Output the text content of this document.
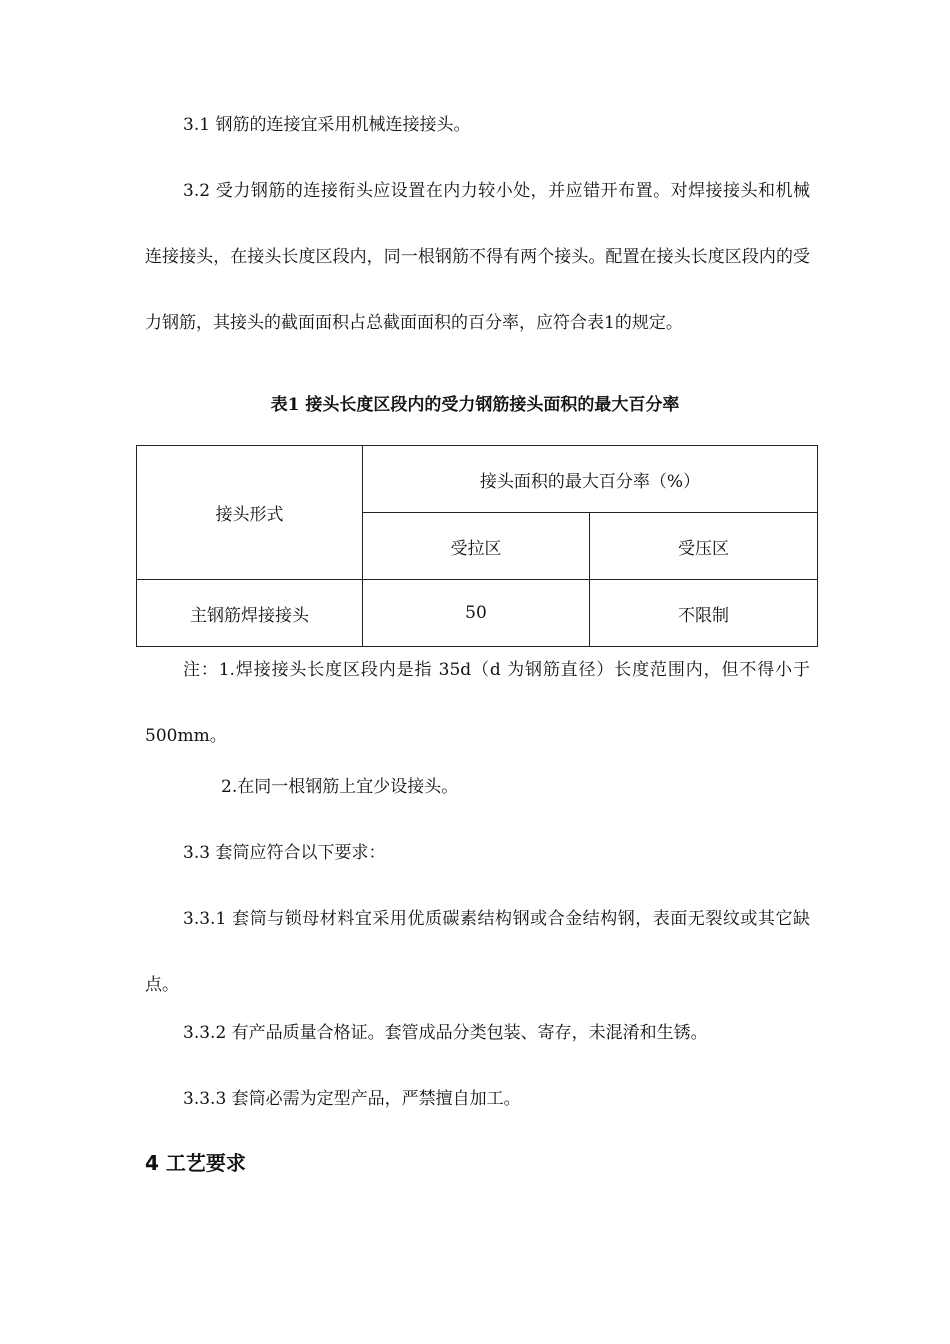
3.1 钢筋的连接宜采用机械连接接头。

3.2 受力钢筋的连接衔头应设置在内力较小处，并应错开布置。对焊接接头和机械连接接头，在接头长度区段内，同一根钢筋不得有两个接头。配置在接头长度区段内的受力钢筋，其接头的截面面积占总截面面积的百分率，应符合表1的规定。

表1 接头长度区段内的受力钢筋接头面积的最大百分率
接头形式	接头面积的最大百分率（%）	
	受拉区	受压区
主钢筋焊接接头	50	不限制

注：1.焊接接头长度区段内是指 35d（d 为钢筋直径）长度范围内，但不得小于 500mm。

2.在同一根钢筋上宜少设接头。

3.3 套筒应符合以下要求：

3.3.1 套筒与锁母材料宜采用优质碳素结构钢或合金结构钢，表面无裂纹或其它缺点。

3.3.2 有产品质量合格证。套管成品分类包装、寄存，未混淆和生锈。

3.3.3 套筒必需为定型产品，严禁擅自加工。

4 工艺要求
